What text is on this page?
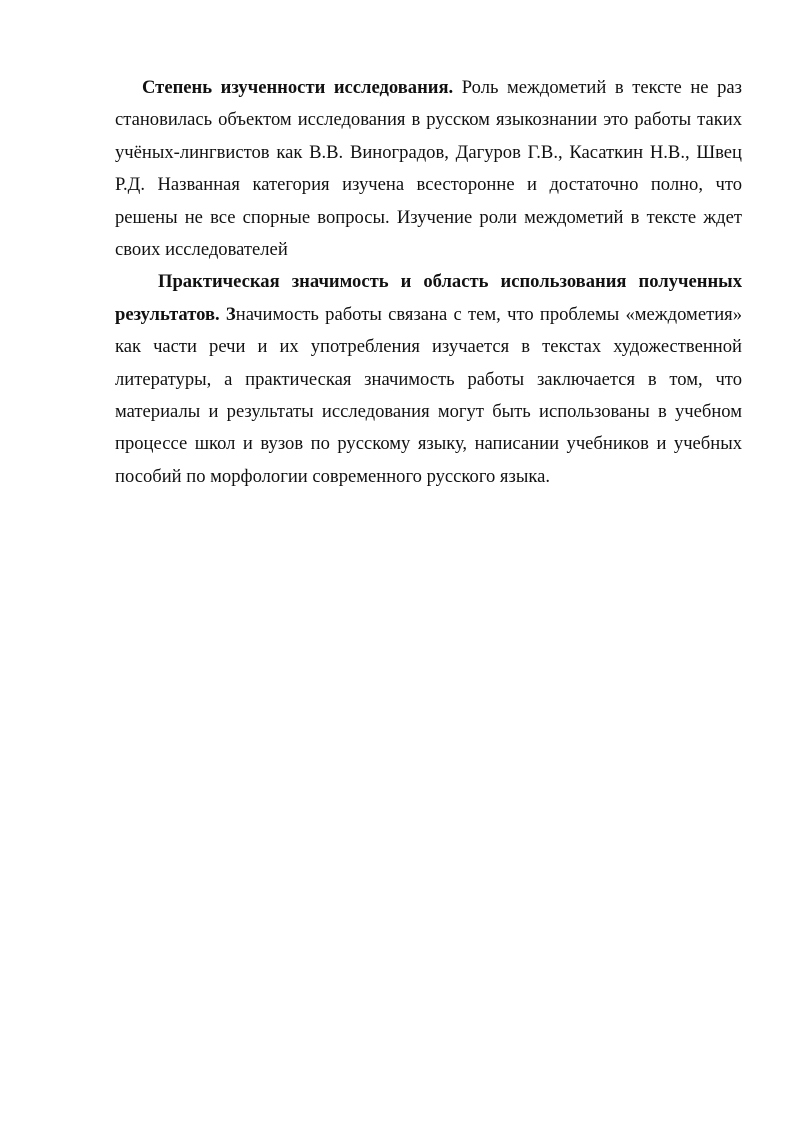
Степень изученности исследования. Роль междометий в тексте не раз становилась объектом исследования в русском языкознании это работы таких учёных-лингвистов как В.В. Виноградов, Дагуров Г.В., Касаткин Н.В., Швец Р.Д. Названная категория изучена всесторонне и достаточно полно, что решены не все спорные вопросы. Изучение роли междометий в тексте ждет своих исследователей

Практическая значимость и область использования полученных результатов. Значимость работы связана с тем, что проблемы «междометия» как части речи и их употребления изучается в текстах художественной литературы, а практическая значимость работы заключается в том, что материалы и результаты исследования могут быть использованы в учебном процессе школ и вузов по русскому языку, написании учебников и учебных пособий по морфологии современного русского языка.
